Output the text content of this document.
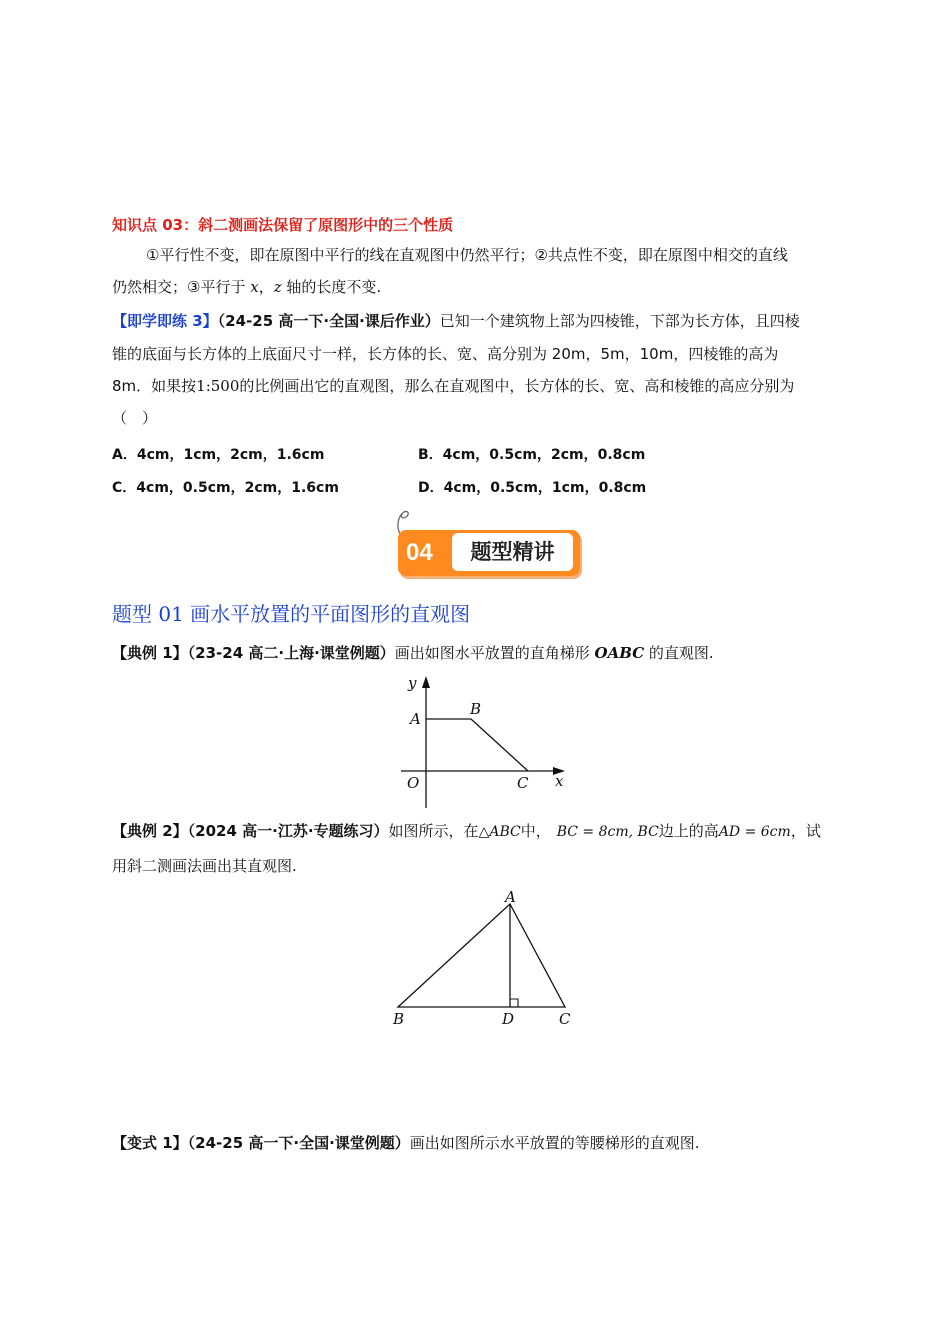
知识点 03：斜二测画法保留了原图形中的三个性质
①平行性不变，即在原图中平行的线在直观图中仍然平行；②共点性不变，即在原图中相交的直线
仍然相交；③平行于 x，z 轴的长度不变.
【即学即练 3】（24-25 高一下·全国·课后作业）已知一个建筑物上部为四棱锥，下部为长方体，且四棱
锥的底面与长方体的上底面尺寸一样，长方体的长、宽、高分别为 20m，5m，10m，四棱锥的高为
8m．如果按1:500的比例画出它的直观图，那么在直观图中，长方体的长、宽、高和棱锥的高应分别为
（　）
A．4cm，1cm，2cm，1.6cm	B．4cm，0.5cm，2cm，0.8cm
C．4cm，0.5cm，2cm，1.6cm	D．4cm，0.5cm，1cm，0.8cm
04	题型精讲
题型 01 画水平放置的平面图形的直观图
【典例 1】（23-24 高二·上海·课堂例题）画出如图水平放置的直角梯形 OABC 的直观图.
y
x
A
B
O	C
【典例 2】（2024 高一·江苏·专题练习）如图所示，在△ABC中， BC = 8cm, BC边上的高AD = 6cm，试
用斜二测画法画出其直观图.
A
B	D	C
【变式 1】（24-25 高一下·全国·课堂例题）画出如图所示水平放置的等腰梯形的直观图.
